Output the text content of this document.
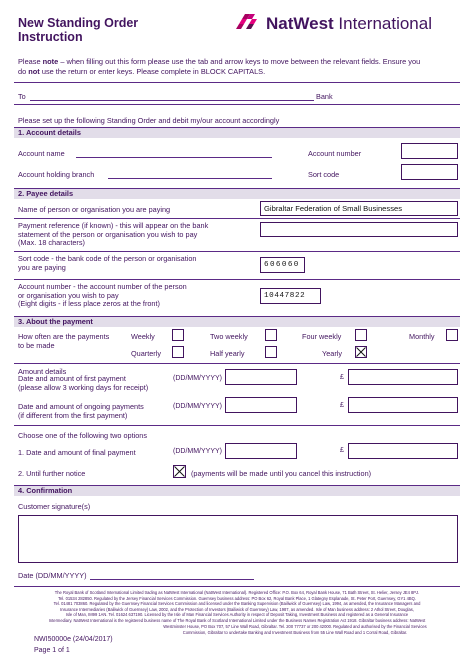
New Standing Order
Instruction
NatWest International
Please note – when filling out this form please use the tab and arrow keys to move between the relevant fields. Ensure you
do not use the return or enter keys. Please complete in BLOCK CAPITALS.
To	Bank
Please set up the following Standing Order and debit my/our account accordingly
1. Account details
Account name	Account number
Account holding branch	Sort code
2. Payee details
Name of person or organisation you are paying	Gibraltar Federation of Small Businesses
Payment reference (if known) - this will appear on the bank
statement of the person or organisation you wish to pay
(Max. 18 characters)
Sort code - the bank code of the person or organisation
you are paying	606060
Account number - the account number of the person
or organisation you wish to pay
(Eight digits - if less place zeros at the front)
10447822
3. About the payment
How often are the payments
to be made
Weekly	Two weekly	Four weekly	Monthly
Quarterly	Half yearly	Yearly
Amount details
Date and amount of first payment
(please allow 3 working days for receipt)
(DD/MM/YYYY)	£
Date and amount of ongoing payments
(if different from the first payment)
(DD/MM/YYYY)	£
Choose one of the following two options
1. Date and amount of final payment	(DD/MM/YYYY)	£
2. Until further notice	(payments will be made until you cancel this instruction)
4. Confirmation
Customer signature(s)
Date (DD/MM/YYYY)
The Royal Bank of Scotland International Limited trading as NatWest International (NatWest International). Registered Office: P.O. Box 64, Royal Bank House, 71 Bath Street, St. Helier, Jersey JE4 8PJ.
Tel. 01534 282850. Regulated by the Jersey Financial Services Commission. Guernsey business address: PO Box 62, Royal Bank Place, 1 Glategny Esplanade, St. Peter Port, Guernsey, GY1 4BQ.
Tel. 01481 703860. Regulated by the Guernsey Financial Services Commission and licensed under the Banking Supervision (Bailiwick of Guernsey) Law, 1994, as amended, the Insurance Managers and
Insurance Intermediaries (Bailiwick of Guernsey) Law, 2002, and the Protection of Investors (Bailiwick of Guernsey) Law, 1987, as amended. Isle of Man business address: 2 Athol Street, Douglas,
Isle of Man, IM99 1AN. Tel. 01624 637190. Licensed by the Isle of Man Financial Services Authority in respect of Deposit Taking, Investment Business and registered as a General Insurance
Intermediary. NatWest International is the registered business name of The Royal Bank of Scotland International Limited under the Business Names Registration Act 1918. Gibraltar business address: NatWest
Westminster House, PO Box 707, 57 Line Wall Road, Gibraltar. Tel. 200 77737 or 200 42000. Regulated and authorised by the Financial Services
Commission, Gibraltar to undertake Banking and Investment Business from 55 Line Wall Road and 1 Corral Road, Gibraltar.
NWI50000e (24/04/2017)
Page 1 of 1
